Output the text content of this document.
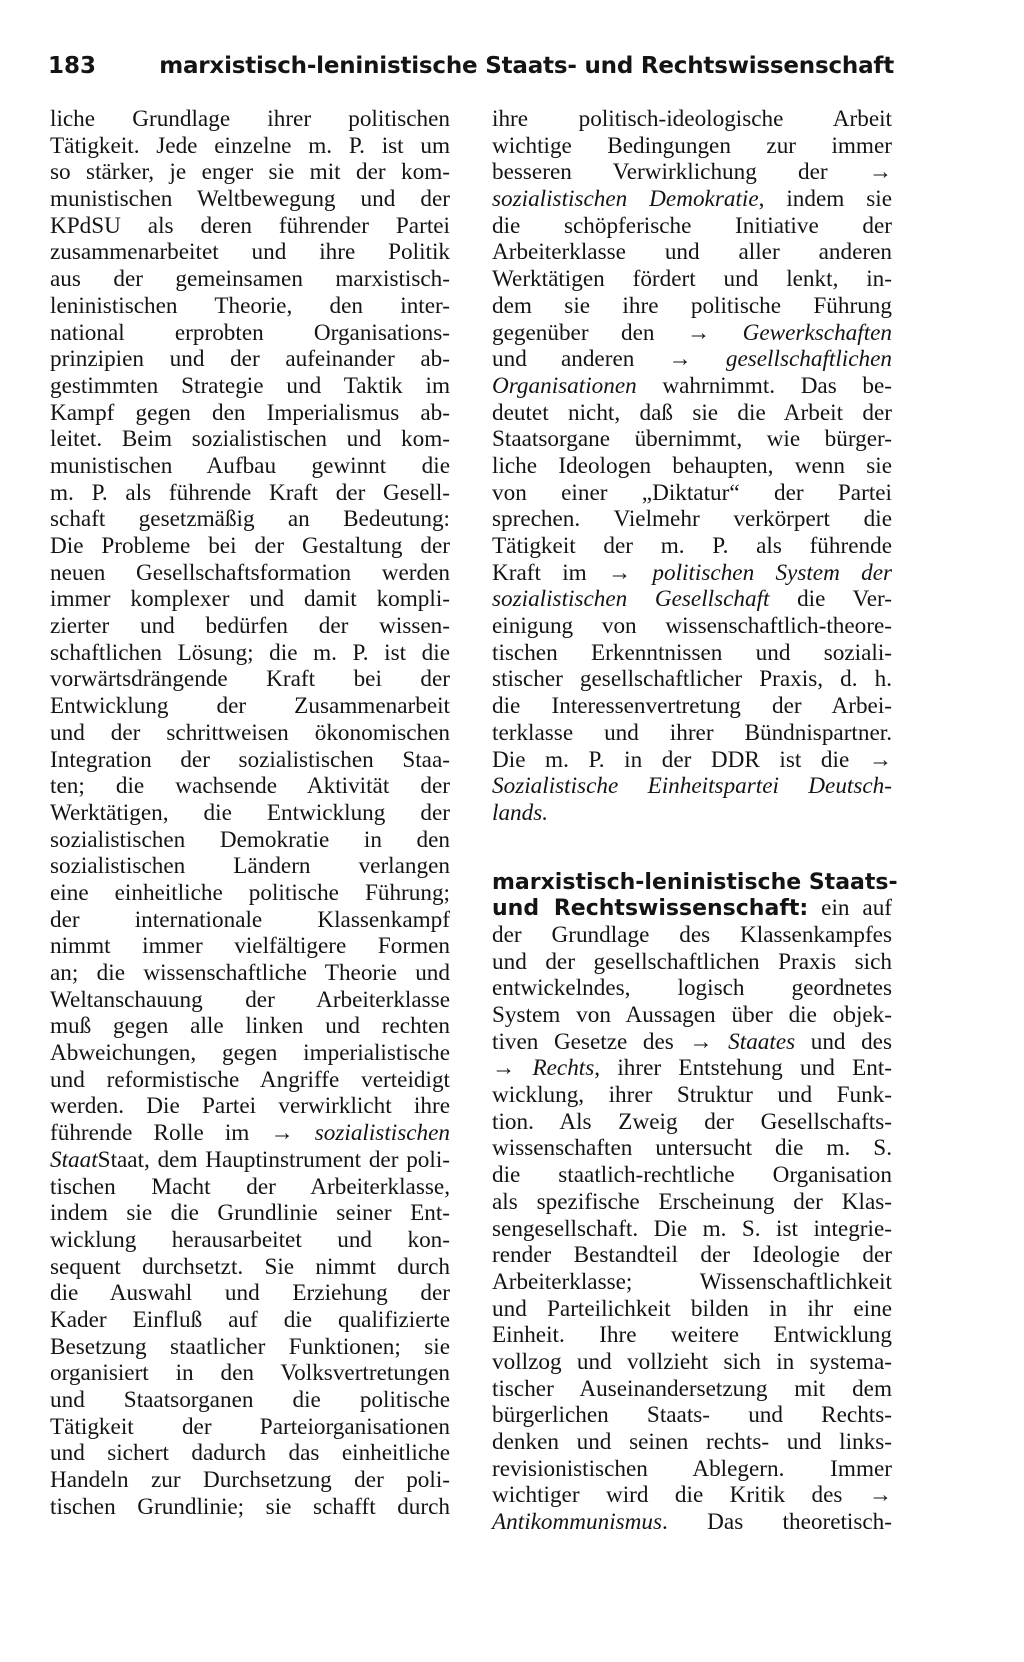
183	marxistisch-leninistische Staats- und Rechtswissenschaft
liche Grundlage ihrer politischen
Tätigkeit. Jede einzelne m. P. ist um
so stärker, je enger sie mit der kom-
munistischen Weltbewegung und der
KPdSU als deren führender Partei
zusammenarbeitet und ihre Politik
aus der gemeinsamen marxistisch-
leninistischen Theorie, den inter-
national erprobten Organisations-
prinzipien und der aufeinander ab-
gestimmten Strategie und Taktik im
Kampf gegen den Imperialismus ab-
leitet. Beim sozialistischen und kom-
munistischen Aufbau gewinnt die
m. P. als führende Kraft der Gesell-
schaft gesetzmäßig an Bedeutung:
Die Probleme bei der Gestaltung der
neuen Gesellschaftsformation werden
immer komplexer und damit kompli-
zierter und bedürfen der wissen-
schaftlichen Lösung; die m. P. ist die
vorwärtsdrängende Kraft bei der
Entwicklung der Zusammenarbeit
und der schrittweisen ökonomischen
Integration der sozialistischen Staa-
ten; die wachsende Aktivität der
Werktätigen, die Entwicklung der
sozialistischen Demokratie in den
sozialistischen Ländern verlangen
eine einheitliche politische Führung;
der internationale Klassenkampf
nimmt immer vielfältigere Formen
an; die wissenschaftliche Theorie und
Weltanschauung der Arbeiterklasse
muß gegen alle linken und rechten
Abweichungen, gegen imperialistische
und reformistische Angriffe verteidigt
werden. Die Partei verwirklicht ihre
führende Rolle im → sozialistischen
StaatStaat, dem Hauptinstrument der poli-
tischen Macht der Arbeiterklasse,
indem sie die Grundlinie seiner Ent-
wicklung herausarbeitet und kon-
sequent durchsetzt. Sie nimmt durch
die Auswahl und Erziehung der
Kader Einfluß auf die qualifizierte
Besetzung staatlicher Funktionen; sie
organisiert in den Volksvertretungen
und Staatsorganen die politische
Tätigkeit der Parteiorganisationen
und sichert dadurch das einheitliche
Handeln zur Durchsetzung der poli-
tischen Grundlinie; sie schafft durch
ihre politisch-ideologische Arbeit
wichtige Bedingungen zur immer
besseren Verwirklichung der →
sozialistischen Demokratie, indem sie
die schöpferische Initiative der
Arbeiterklasse und aller anderen
Werktätigen fördert und lenkt, in-
dem sie ihre politische Führung
gegenüber den → Gewerkschaften
und anderen → gesellschaftlichen
Organisationen wahrnimmt. Das be-
deutet nicht, daß sie die Arbeit der
Staatsorgane übernimmt, wie bürger-
liche Ideologen behaupten, wenn sie
von einer „Diktatur“ der Partei
sprechen. Vielmehr verkörpert die
Tätigkeit der m. P. als führende
Kraft im → politischen System der
sozialistischen Gesellschaft die Ver-
einigung von wissenschaftlich-theore-
tischen Erkenntnissen und soziali-
stischer gesellschaftlicher Praxis, d. h.
die Interessenvertretung der Arbei-
terklasse und ihrer Bündnispartner.
Die m. P. in der DDR ist die →
Sozialistische Einheitspartei Deutsch-
lands.
marxistisch-leninistische Staats-
und Rechtswissenschaft: ein auf
der Grundlage des Klassenkampfes
und der gesellschaftlichen Praxis sich
entwickelndes, logisch geordnetes
System von Aussagen über die objek-
tiven Gesetze des → Staates und des
→ Rechts, ihrer Entstehung und Ent-
wicklung, ihrer Struktur und Funk-
tion. Als Zweig der Gesellschafts-
wissenschaften untersucht die m. S.
die staatlich-rechtliche Organisation
als spezifische Erscheinung der Klas-
sengesellschaft. Die m. S. ist integrie-
render Bestandteil der Ideologie der
Arbeiterklasse; Wissenschaftlichkeit
und Parteilichkeit bilden in ihr eine
Einheit. Ihre weitere Entwicklung
vollzog und vollzieht sich in systema-
tischer Auseinandersetzung mit dem
bürgerlichen Staats- und Rechts-
denken und seinen rechts- und links-
revisionistischen Ablegern. Immer
wichtiger wird die Kritik des →
Antikommunismus. Das theoretisch-
